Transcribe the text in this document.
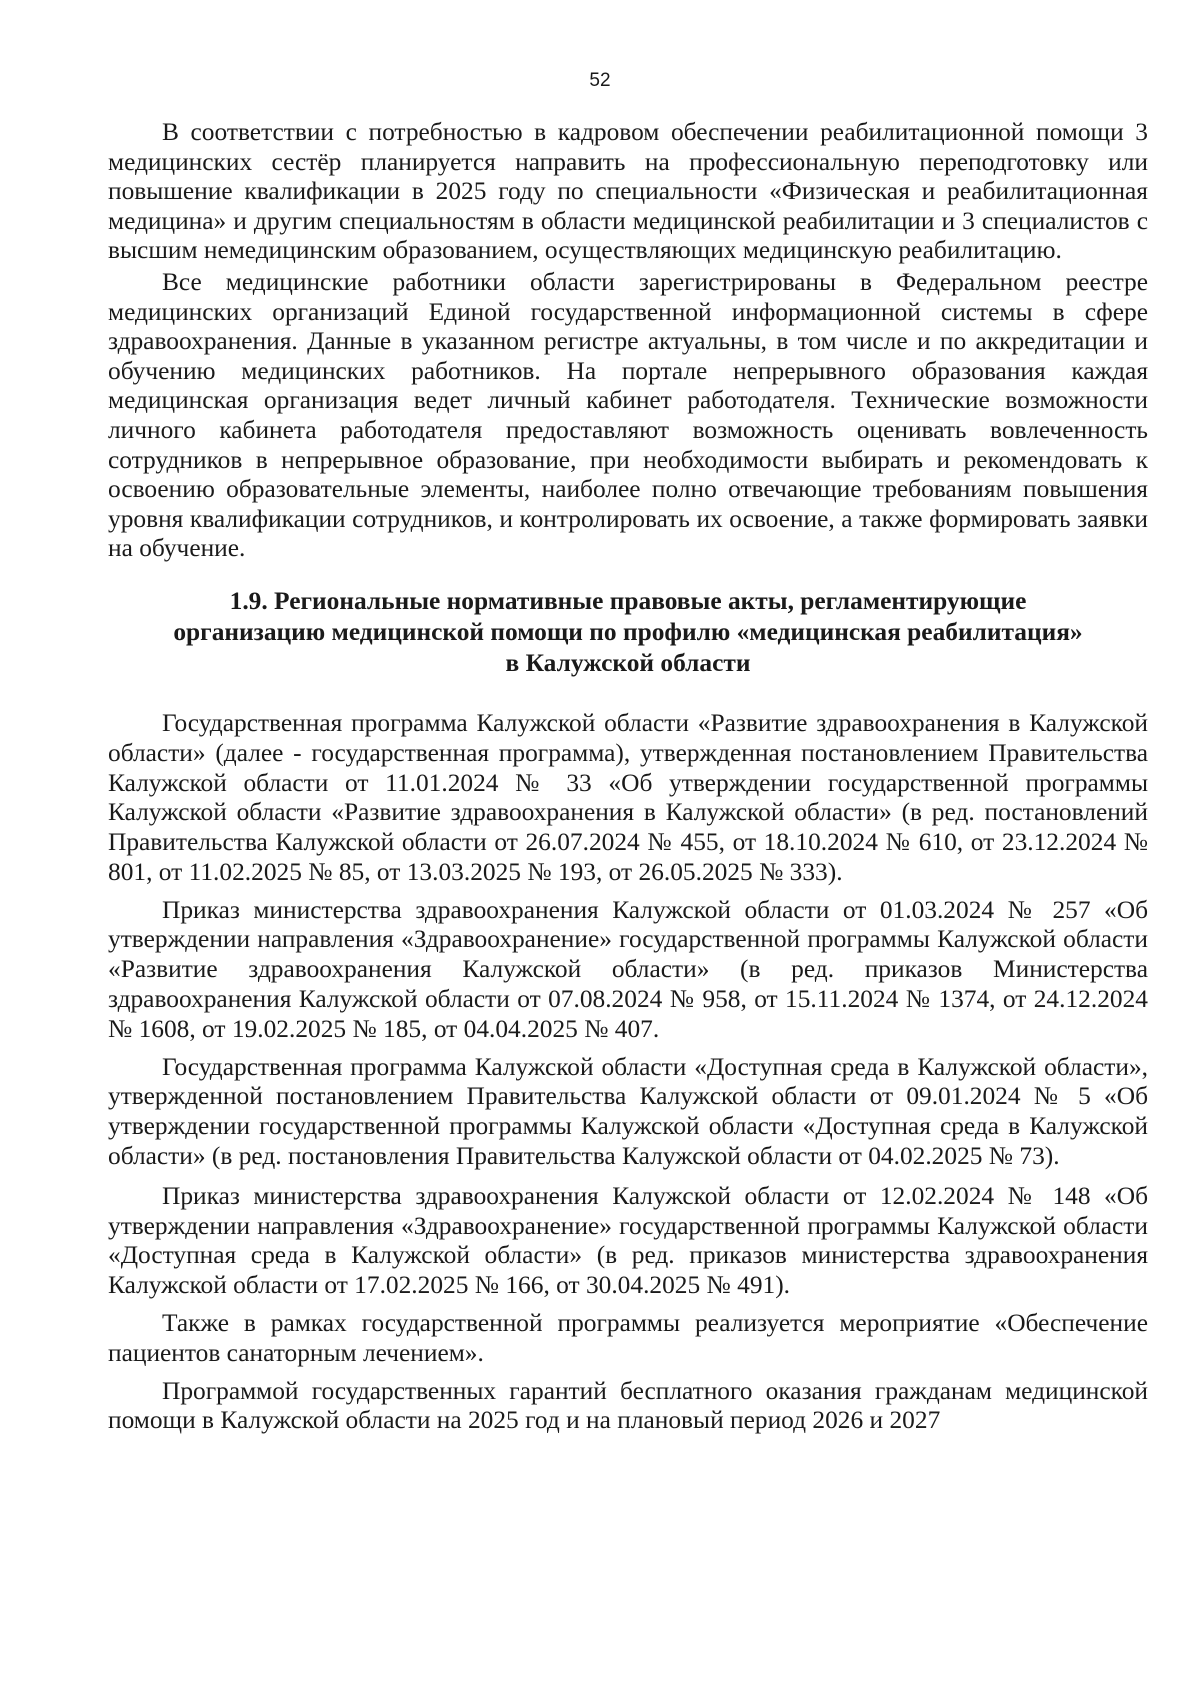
52

В соответствии с потребностью в кадровом обеспечении реабилитационной помощи 3 медицинских сестёр планируется направить на профессиональную переподготовку или повышение квалификации в 2025 году по специальности «Физическая и реабилитационная медицина» и другим специальностям в области медицинской реабилитации и 3 специалистов с высшим немедицинским образованием, осуществляющих медицинскую реабилитацию.

Все медицинские работники области зарегистрированы в Федеральном реестре медицинских организаций Единой государственной информационной системы в сфере здравоохранения. Данные в указанном регистре актуальны, в том числе и по аккредитации и обучению медицинских работников. На портале непрерывного образования каждая медицинская организация ведет личный кабинет работодателя. Технические возможности личного кабинета работодателя предоставляют возможность оценивать вовлеченность сотрудников в непрерывное образование, при необходимости выбирать и рекомендовать к освоению образовательные элементы, наиболее полно отвечающие требованиям повышения уровня квалификации сотрудников, и контролировать их освоение, а также формировать заявки на обучение.

1.9. Региональные нормативные правовые акты, регламентирующие
организацию медицинской помощи по профилю «медицинская реабилитация»
в Калужской области

Государственная программа Калужской области «Развитие здравоохранения в Калужской области» (далее - государственная программа), утвержденная постановлением Правительства Калужской области от 11.01.2024 № 33 «Об утверждении государственной программы Калужской области «Развитие здравоохранения в Калужской области» (в ред. постановлений Правительства Калужской области от 26.07.2024 № 455, от 18.10.2024 № 610, от 23.12.2024 № 801, от 11.02.2025 № 85, от 13.03.2025 № 193, от 26.05.2025 № 333).

Приказ министерства здравоохранения Калужской области от 01.03.2024 № 257 «Об утверждении направления «Здравоохранение» государственной программы Калужской области «Развитие здравоохранения Калужской области» (в ред. приказов Министерства здравоохранения Калужской области от 07.08.2024 № 958, от 15.11.2024 № 1374, от 24.12.2024 № 1608, от 19.02.2025 № 185, от 04.04.2025 № 407.

Государственная программа Калужской области «Доступная среда в Калужской области», утвержденной постановлением Правительства Калужской области от 09.01.2024 № 5 «Об утверждении государственной программы Калужской области «Доступная среда в Калужской области» (в ред. постановления Правительства Калужской области от 04.02.2025 № 73).

Приказ министерства здравоохранения Калужской области от 12.02.2024 № 148 «Об утверждении направления «Здравоохранение» государственной программы Калужской области «Доступная среда в Калужской области» (в ред. приказов министерства здравоохранения Калужской области от 17.02.2025 № 166, от 30.04.2025 № 491).

Также в рамках государственной программы реализуется мероприятие «Обеспечение пациентов санаторным лечением».

Программой государственных гарантий бесплатного оказания гражданам медицинской помощи в Калужской области на 2025 год и на плановый период 2026 и 2027
